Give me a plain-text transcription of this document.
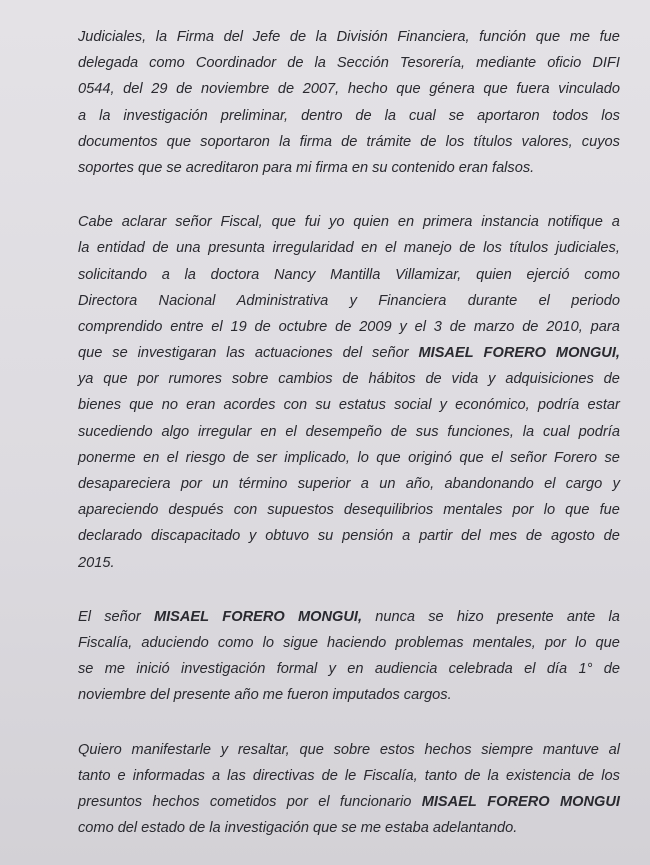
Judiciales, la Firma del Jefe de la División Financiera, función que me fue
delegada como Coordinador de la Sección Tesorería, mediante oficio DIFI
0544, del 29 de noviembre de 2007, hecho que génera que fuera vinculado
a la investigación preliminar, dentro de la cual se aportaron todos los
documentos que soportaron la firma de trámite de los títulos valores, cuyos
soportes que se acreditaron para mi firma en su contenido eran falsos.
Cabe aclarar señor Fiscal, que fui yo quien en primera instancia notifique a
la entidad de una presunta irregularidad en el manejo de los títulos judiciales,
solicitando a la doctora Nancy Mantilla Villamizar, quien ejerció como
Directora Nacional Administrativa y Financiera durante el periodo
comprendido entre el 19 de octubre de 2009 y el 3 de marzo de 2010, para
que se investigaran las actuaciones del señor MISAEL FORERO MONGUI,
ya que por rumores sobre cambios de hábitos de vida y adquisiciones de
bienes que no eran acordes con su estatus social y económico, podría estar
sucediendo algo irregular en el desempeño de sus funciones, la cual podría
ponerme en el riesgo de ser implicado, lo que originó que el señor Forero se
desapareciera por un término superior a un año, abandonando el cargo y
apareciendo después con supuestos desequilibrios mentales por lo que fue
declarado discapacitado y obtuvo su pensión a partir del mes de agosto de
2015.
El señor MISAEL FORERO MONGUI, nunca se hizo presente ante la
Fiscalía, aduciendo como lo sigue haciendo problemas mentales, por lo que
se me inició investigación formal y en audiencia celebrada el día 1° de
noviembre del presente año me fueron imputados cargos.
Quiero manifestarle y resaltar, que sobre estos hechos siempre mantuve al
tanto e informadas a las directivas de le Fiscalía, tanto de la existencia de los
presuntos hechos cometidos por el funcionario MISAEL FORERO MONGUI
como del estado de la investigación que se me estaba adelantando.
